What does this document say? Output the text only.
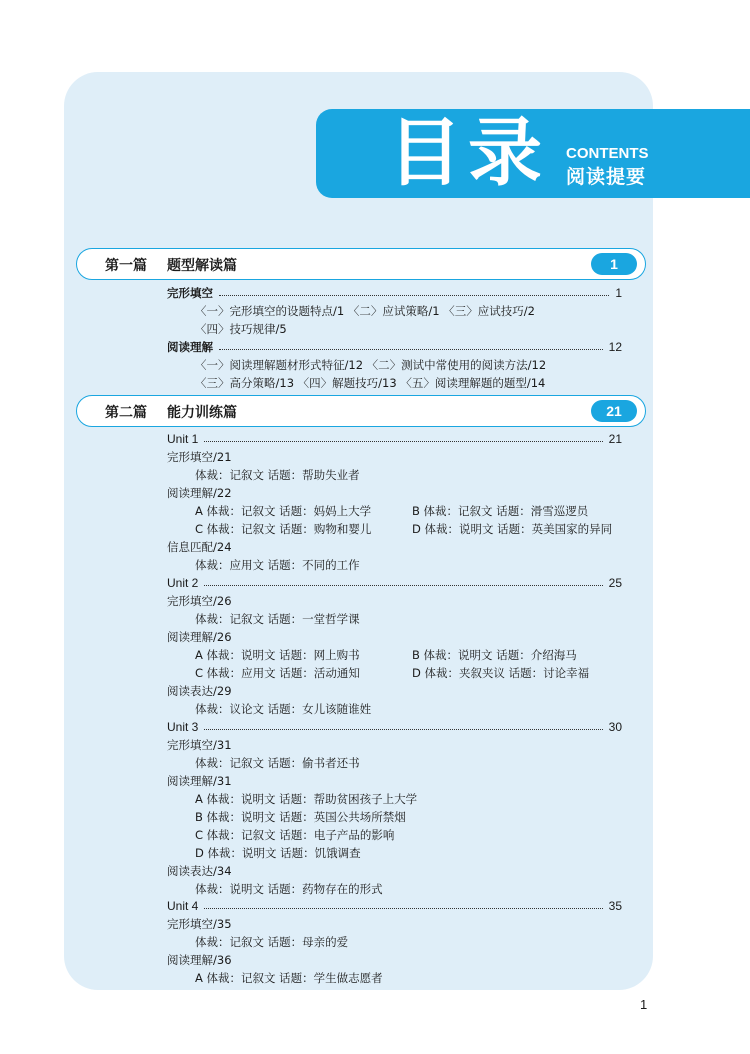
目录 CONTENTS
阅读提要
第一篇 题型解读篇	1
完形填空	1
〈一〉完形填空的设题特点/1 〈二〉应试策略/1 〈三〉应试技巧/2
〈四〉技巧规律/5
阅读理解	12
〈一〉阅读理解题材形式特征/12 〈二〉测试中常使用的阅读方法/12
〈三〉高分策略/13 〈四〉解题技巧/13 〈五〉阅读理解题的题型/14
第二篇 能力训练篇	21
Unit 1	21
完形填空/21
体裁：记叙文 话题：帮助失业者
阅读理解/22
A 体裁：记叙文 话题：妈妈上大学	B 体裁：记叙文 话题：滑雪巡逻员
C 体裁：记叙文 话题：购物和婴儿	D 体裁：说明文 话题：英美国家的异同
信息匹配/24
体裁：应用文 话题：不同的工作
Unit 2	25
完形填空/26
体裁：记叙文 话题：一堂哲学课
阅读理解/26
A 体裁：说明文 话题：网上购书	B 体裁：说明文 话题：介绍海马
C 体裁：应用文 话题：活动通知	D 体裁：夹叙夹议 话题：讨论幸福
阅读表达/29
体裁：议论文 话题：女儿该随谁姓
Unit 3	30
完形填空/31
体裁：记叙文 话题：偷书者还书
阅读理解/31
A 体裁：说明文 话题：帮助贫困孩子上大学
B 体裁：说明文 话题：英国公共场所禁烟
C 体裁：记叙文 话题：电子产品的影响
D 体裁：说明文 话题：饥饿调查
阅读表达/34
体裁：说明文 话题：药物存在的形式
Unit 4	35
完形填空/35
体裁：记叙文 话题：母亲的爱
阅读理解/36
A 体裁：记叙文 话题：学生做志愿者
1
